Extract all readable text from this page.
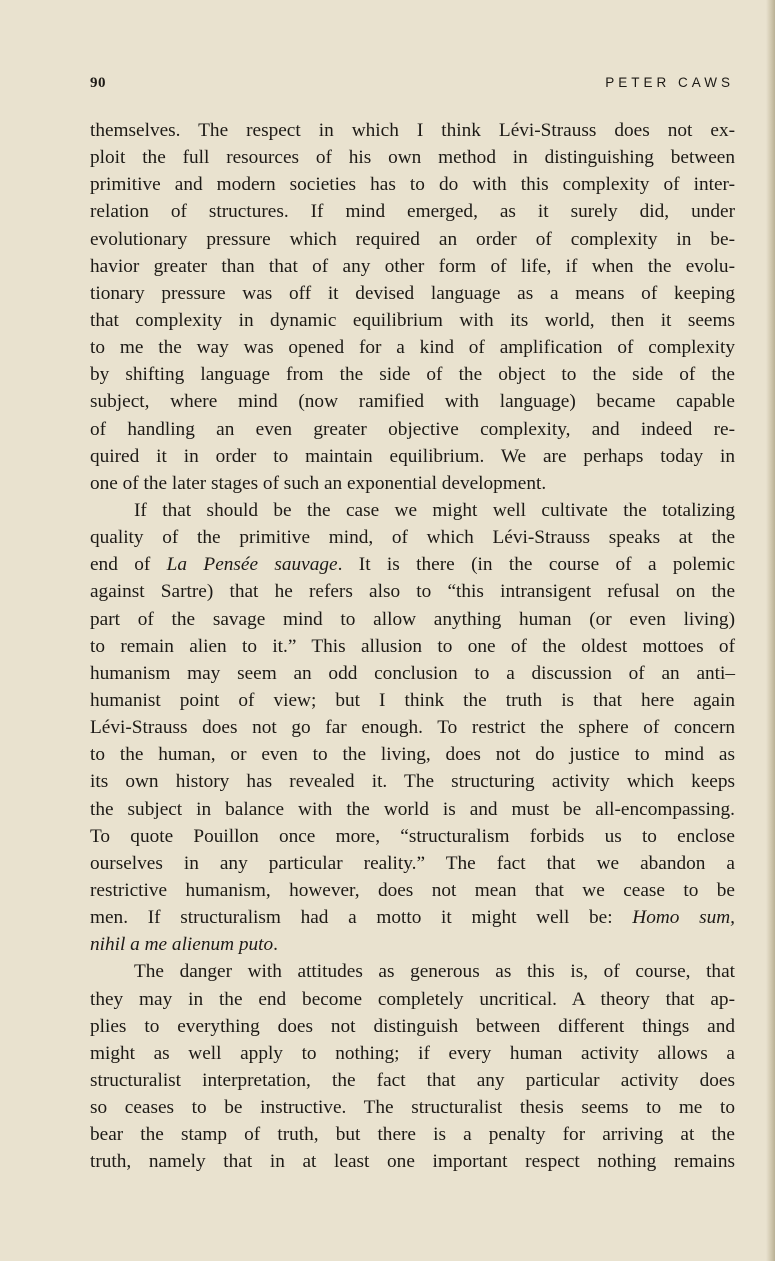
90	PETER CAWS
themselves. The respect in which I think Lévi-Strauss does not ex-
ploit the full resources of his own method in distinguishing between
primitive and modern societies has to do with this complexity of inter-
relation of structures. If mind emerged, as it surely did, under
evolutionary pressure which required an order of complexity in be-
havior greater than that of any other form of life, if when the evolu-
tionary pressure was off it devised language as a means of keeping
that complexity in dynamic equilibrium with its world, then it seems
to me the way was opened for a kind of amplification of complexity
by shifting language from the side of the object to the side of the
subject, where mind (now ramified with language) became capable
of handling an even greater objective complexity, and indeed re-
quired it in order to maintain equilibrium. We are perhaps today in
one of the later stages of such an exponential development.
If that should be the case we might well cultivate the totalizing
quality of the primitive mind, of which Lévi-Strauss speaks at the
end of La Pensée sauvage. It is there (in the course of a polemic
against Sartre) that he refers also to “this intransigent refusal on the
part of the savage mind to allow anything human (or even living)
to remain alien to it.” This allusion to one of the oldest mottoes of
humanism may seem an odd conclusion to a discussion of an anti–
humanist point of view; but I think the truth is that here again
Lévi-Strauss does not go far enough. To restrict the sphere of concern
to the human, or even to the living, does not do justice to mind as
its own history has revealed it. The structuring activity which keeps
the subject in balance with the world is and must be all-encompassing.
To quote Pouillon once more, “structuralism forbids us to enclose
ourselves in any particular reality.” The fact that we abandon a
restrictive humanism, however, does not mean that we cease to be
men. If structuralism had a motto it might well be: Homo sum,
nihil a me alienum puto.
The danger with attitudes as generous as this is, of course, that
they may in the end become completely uncritical. A theory that ap-
plies to everything does not distinguish between different things and
might as well apply to nothing; if every human activity allows a
structuralist interpretation, the fact that any particular activity does
so ceases to be instructive. The structuralist thesis seems to me to
bear the stamp of truth, but there is a penalty for arriving at the
truth, namely that in at least one important respect nothing remains
